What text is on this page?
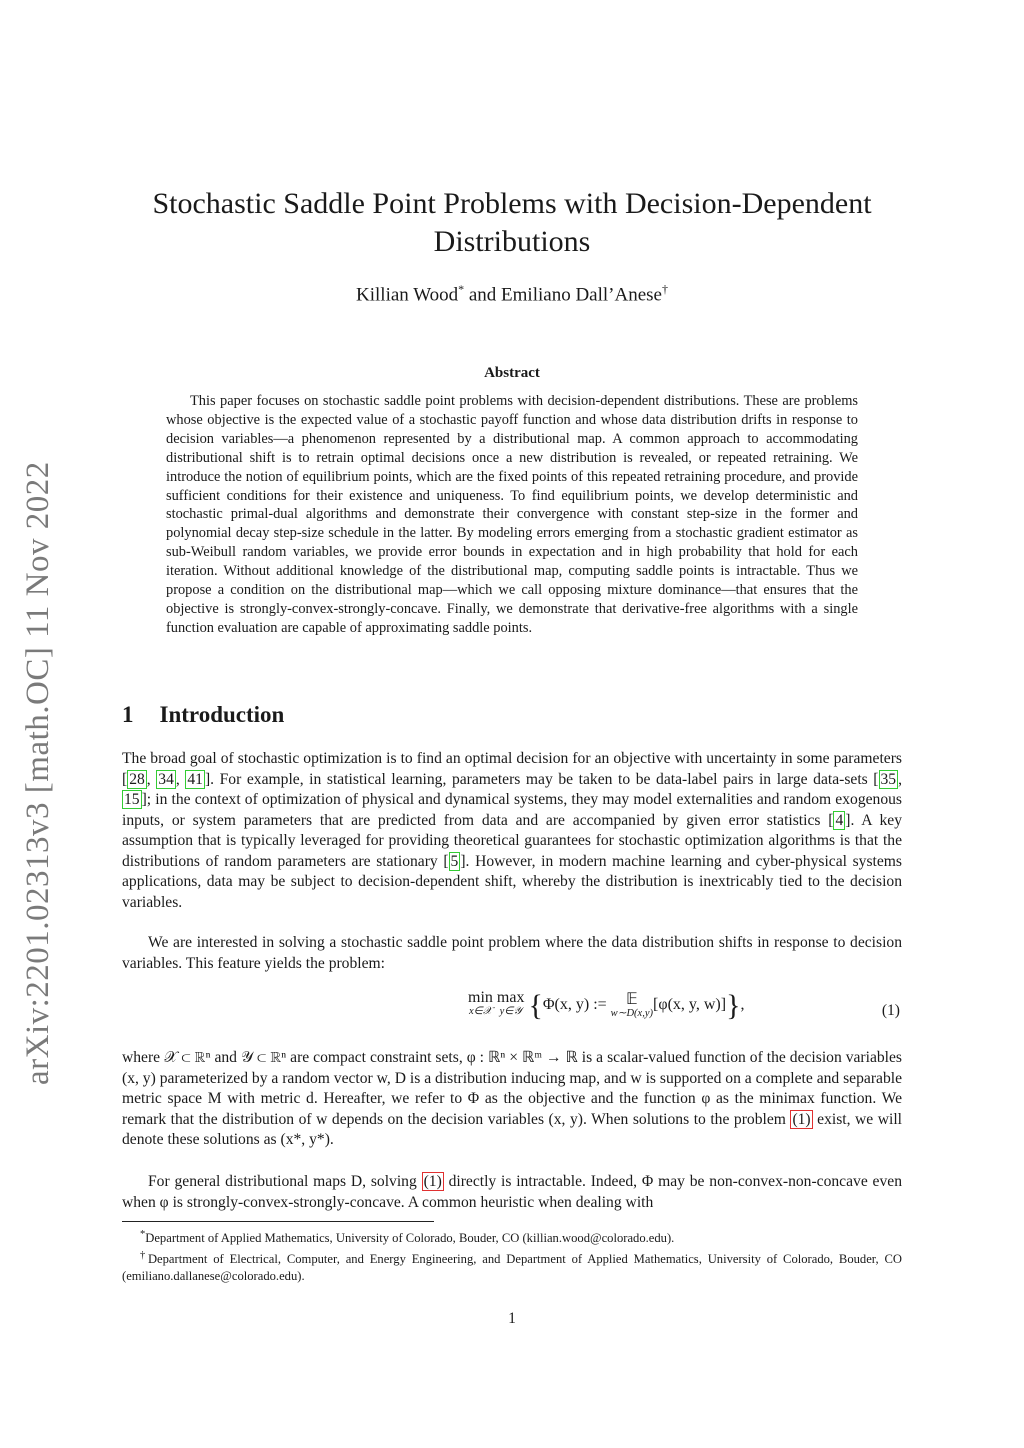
arXiv:2201.02313v3 [math.OC] 11 Nov 2022
Stochastic Saddle Point Problems with Decision-Dependent Distributions
Killian Wood* and Emiliano Dall’Anese†
Abstract

This paper focuses on stochastic saddle point problems with decision-dependent distributions. These are problems whose objective is the expected value of a stochastic payoff function and whose data distribution drifts in response to decision variables—a phenomenon represented by a distributional map. A common approach to accommodating distributional shift is to retrain optimal decisions once a new distribution is revealed, or repeated retraining. We introduce the notion of equilibrium points, which are the fixed points of this repeated retraining procedure, and provide sufficient conditions for their existence and uniqueness. To find equilibrium points, we develop deterministic and stochastic primal-dual algorithms and demonstrate their convergence with constant step-size in the former and polynomial decay step-size schedule in the latter. By modeling errors emerging from a stochastic gradient estimator as sub-Weibull random variables, we provide error bounds in expectation and in high probability that hold for each iteration. Without additional knowledge of the distributional map, computing saddle points is intractable. Thus we propose a condition on the distributional map—which we call opposing mixture dominance—that ensures that the objective is strongly-convex-strongly-concave. Finally, we demonstrate that derivative-free algorithms with a single function evaluation are capable of approximating saddle points.

1 Introduction

The broad goal of stochastic optimization is to find an optimal decision for an objective with uncertainty in some parameters [ 28 , 34 , 41 ]. For example, in statistical learning, parameters may be taken to be data-label pairs in large data-sets [ 35 , 15 ]; in the context of optimization of physical and dynamical systems, they may model externalities and random exogenous inputs, or system parameters that are predicted from data and are accompanied by given error statistics [ 4 ]. A key assumption that is typically leveraged for providing theoretical guarantees for stochastic optimization algorithms is that the distributions of random parameters are stationary [ 5 ]. However, in modern machine learning and cyber-physical systems applications, data may be subject to decision-dependent shift, whereby the distribution is inextricably tied to the decision variables.

We are interested in solving a stochastic saddle point problem where the data distribution shifts in response to decision variables. This feature yields the problem:

min
x∈𝒳
max
y∈𝒴 {Φ(x, y) := 𝔼
w∼D(x,y)
[φ(x, y, w)]},	(1)

where 𝒳 ⊂ ℝⁿ and 𝒴 ⊂ ℝⁿ are compact constraint sets, φ : ℝⁿ × ℝᵐ → ℝ is a scalar-valued function of the decision variables (x, y) parameterized by a random vector w, D is a distribution inducing map, and w is supported on a complete and separable metric space M with metric d. Hereafter, we refer to Φ as the objective and the function φ as the minimax function. We remark that the distribution of w depends on the decision variables (x, y). When solutions to the problem (1) exist, we will denote these solutions as (x*, y*).

For general distributional maps D, solving (1) directly is intractable. Indeed, Φ may be non-convex-non-concave even when φ is strongly-convex-strongly-concave. A common heuristic when dealing with

*Department of Applied Mathematics, University of Colorado, Bouder, CO (killian.wood@colorado.edu).

†Department of Electrical, Computer, and Energy Engineering, and Department of Applied Mathematics, University of Colorado, Bouder, CO (emiliano.dallanese@colorado.edu).

1
